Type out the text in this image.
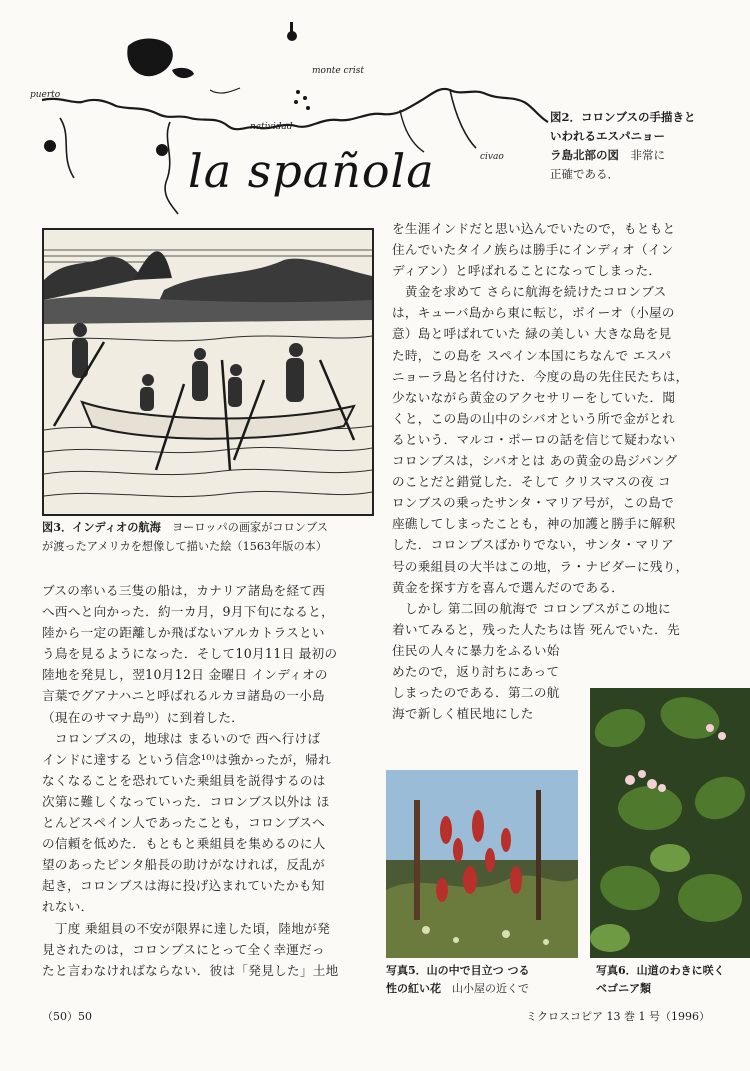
puerto
monte crist
natividad
civao
la spañola
図2．コロンブスの手描きと
いわれるエスパニョー
ラ島北部の図　非常に
正確である．
図3．インディオの航海　ヨーロッパの画家がコロンブス
が渡ったアメリカを想像して描いた絵（1563年版の本）

を生涯インドだと思い込んでいたので，もともと

住んでいたタイノ族らは勝手にインディオ（イン

ディアン）と呼ばれることになってしまった．

　黄金を求めて さらに航海を続けたコロンブス

は，キューバ島から東に転じ，ボイーオ（小屋の

意）島と呼ばれていた 緑の美しい 大きな島を見

た時，この島を スペイン本国にちなんで エスパ

ニョーラ島と名付けた．今度の島の先住民たちは，

少ないながら黄金のアクセサリーをしていた．聞

くと，この島の山中のシバオという所で金がとれ

るという．マルコ・ポーロの話を信じて疑わない

コロンブスは，シバオとは あの黄金の島ジパング

のことだと錯覚した．そして クリスマスの夜 コ

ロンブスの乗ったサンタ・マリア号が，この島で

座礁してしまったことも，神の加護と勝手に解釈

した．コロンブスばかりでない，サンタ・マリア

号の乗組員の大半はこの地，ラ・ナビダーに残り，

黄金を探す方を喜んで選んだのである．

　しかし 第二回の航海で コロンブスがこの地に

着いてみると，残った人たちは皆 死んでいた．先

住民の人々に暴力をふるい始

めたので，返り討ちにあって

しまったのである．第二の航

海で新しく植民地にした

ブスの率いる三隻の船は，カナリア諸島を経て西

へ西へと向かった．約一カ月，9月下旬になると，

陸から一定の距離しか飛ばないアルカトラスとい

う鳥を見るようになった．そして10月11日 最初の

陸地を発見し，翌10月12日 金曜日 インディオの

言葉でグアナハニと呼ばれるルカヨ諸島の一小島

（現在のサマナ島⁹⁾）に到着した．

　コロンブスの，地球は まるいので 西へ行けば

インドに達する という信念¹⁰⁾は強かったが，帰れ

なくなることを恐れていた乗組員を説得するのは

次第に難しくなっていった．コロンブス以外は ほ

とんどスペイン人であったことも，コロンブスへ

の信頼を低めた．もともと乗組員を集めるのに人

望のあったピンタ船長の助けがなければ，反乱が

起き，コロンブスは海に投げ込まれていたかも知

れない．

　丁度 乗組員の不安が限界に達した頃，陸地が発

見されたのは，コロンブスにとって全く幸運だっ

たと言わなければならない．彼は「発見した」土地	写真5．山の中で目立つ つる
性の紅い花　山小屋の近くで
写真6．山道のわきに咲く
ベゴニア類
（50）50	ミクロスコピア 13 巻 1 号（1996）
